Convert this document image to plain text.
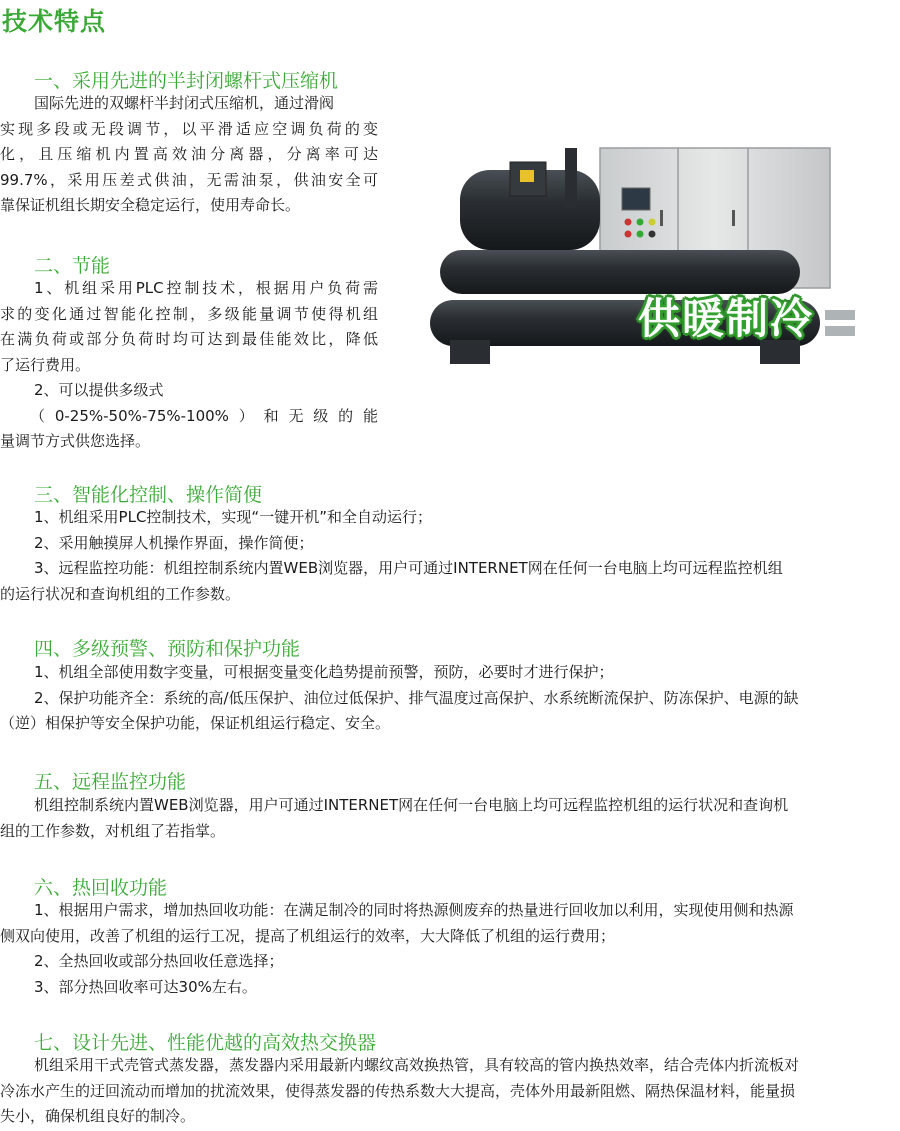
技术特点
一、采用先进的半封闭螺杆式压缩机
国际先进的双螺杆半封闭式压缩机，通过滑阀
实现多段或无段调节，以平滑适应空调负荷的变
化，且压缩机内置高效油分离器，分离率可达
99.7%，采用压差式供油，无需油泵，供油安全可
靠保证机组长期安全稳定运行，使用寿命长。
二、节能
1、机组采用PLC控制技术，根据用户负荷需
求的变化通过智能化控制，多级能量调节使得机组
在满负荷或部分负荷时均可达到最佳能效比，降低
了运行费用。
2、可以提供多级式
（0-25%-50%-75%-100%）和无级的能
量调节方式供您选择。
供暖制冷
三、智能化控制、操作简便
1、机组采用PLC控制技术，实现“一键开机”和全自动运行；
2、采用触摸屏人机操作界面，操作简便；
3、远程监控功能：机组控制系统内置WEB浏览器，用户可通过INTERNET网在任何一台电脑上均可远程监控机组
的运行状况和查询机组的工作参数。
四、多级预警、预防和保护功能
1、机组全部使用数字变量，可根据变量变化趋势提前预警，预防，必要时才进行保护；
2、保护功能齐全：系统的高/低压保护、油位过低保护、排气温度过高保护、水系统断流保护、防冻保护、电源的缺
（逆）相保护等安全保护功能，保证机组运行稳定、安全。
五、远程监控功能
机组控制系统内置WEB浏览器，用户可通过INTERNET网在任何一台电脑上均可远程监控机组的运行状况和查询机
组的工作参数，对机组了若指掌。
六、热回收功能
1、根据用户需求，增加热回收功能：在满足制冷的同时将热源侧废弃的热量进行回收加以利用，实现使用侧和热源
侧双向使用，改善了机组的运行工况，提高了机组运行的效率，大大降低了机组的运行费用；
2、全热回收或部分热回收任意选择；
3、部分热回收率可达30%左右。
七、设计先进、性能优越的高效热交换器
机组采用干式壳管式蒸发器，蒸发器内采用最新内螺纹高效换热管，具有较高的管内换热效率，结合壳体内折流板对
冷冻水产生的迂回流动而增加的扰流效果，使得蒸发器的传热系数大大提高，壳体外用最新阻燃、隔热保温材料，能量损
失小，确保机组良好的制冷。
